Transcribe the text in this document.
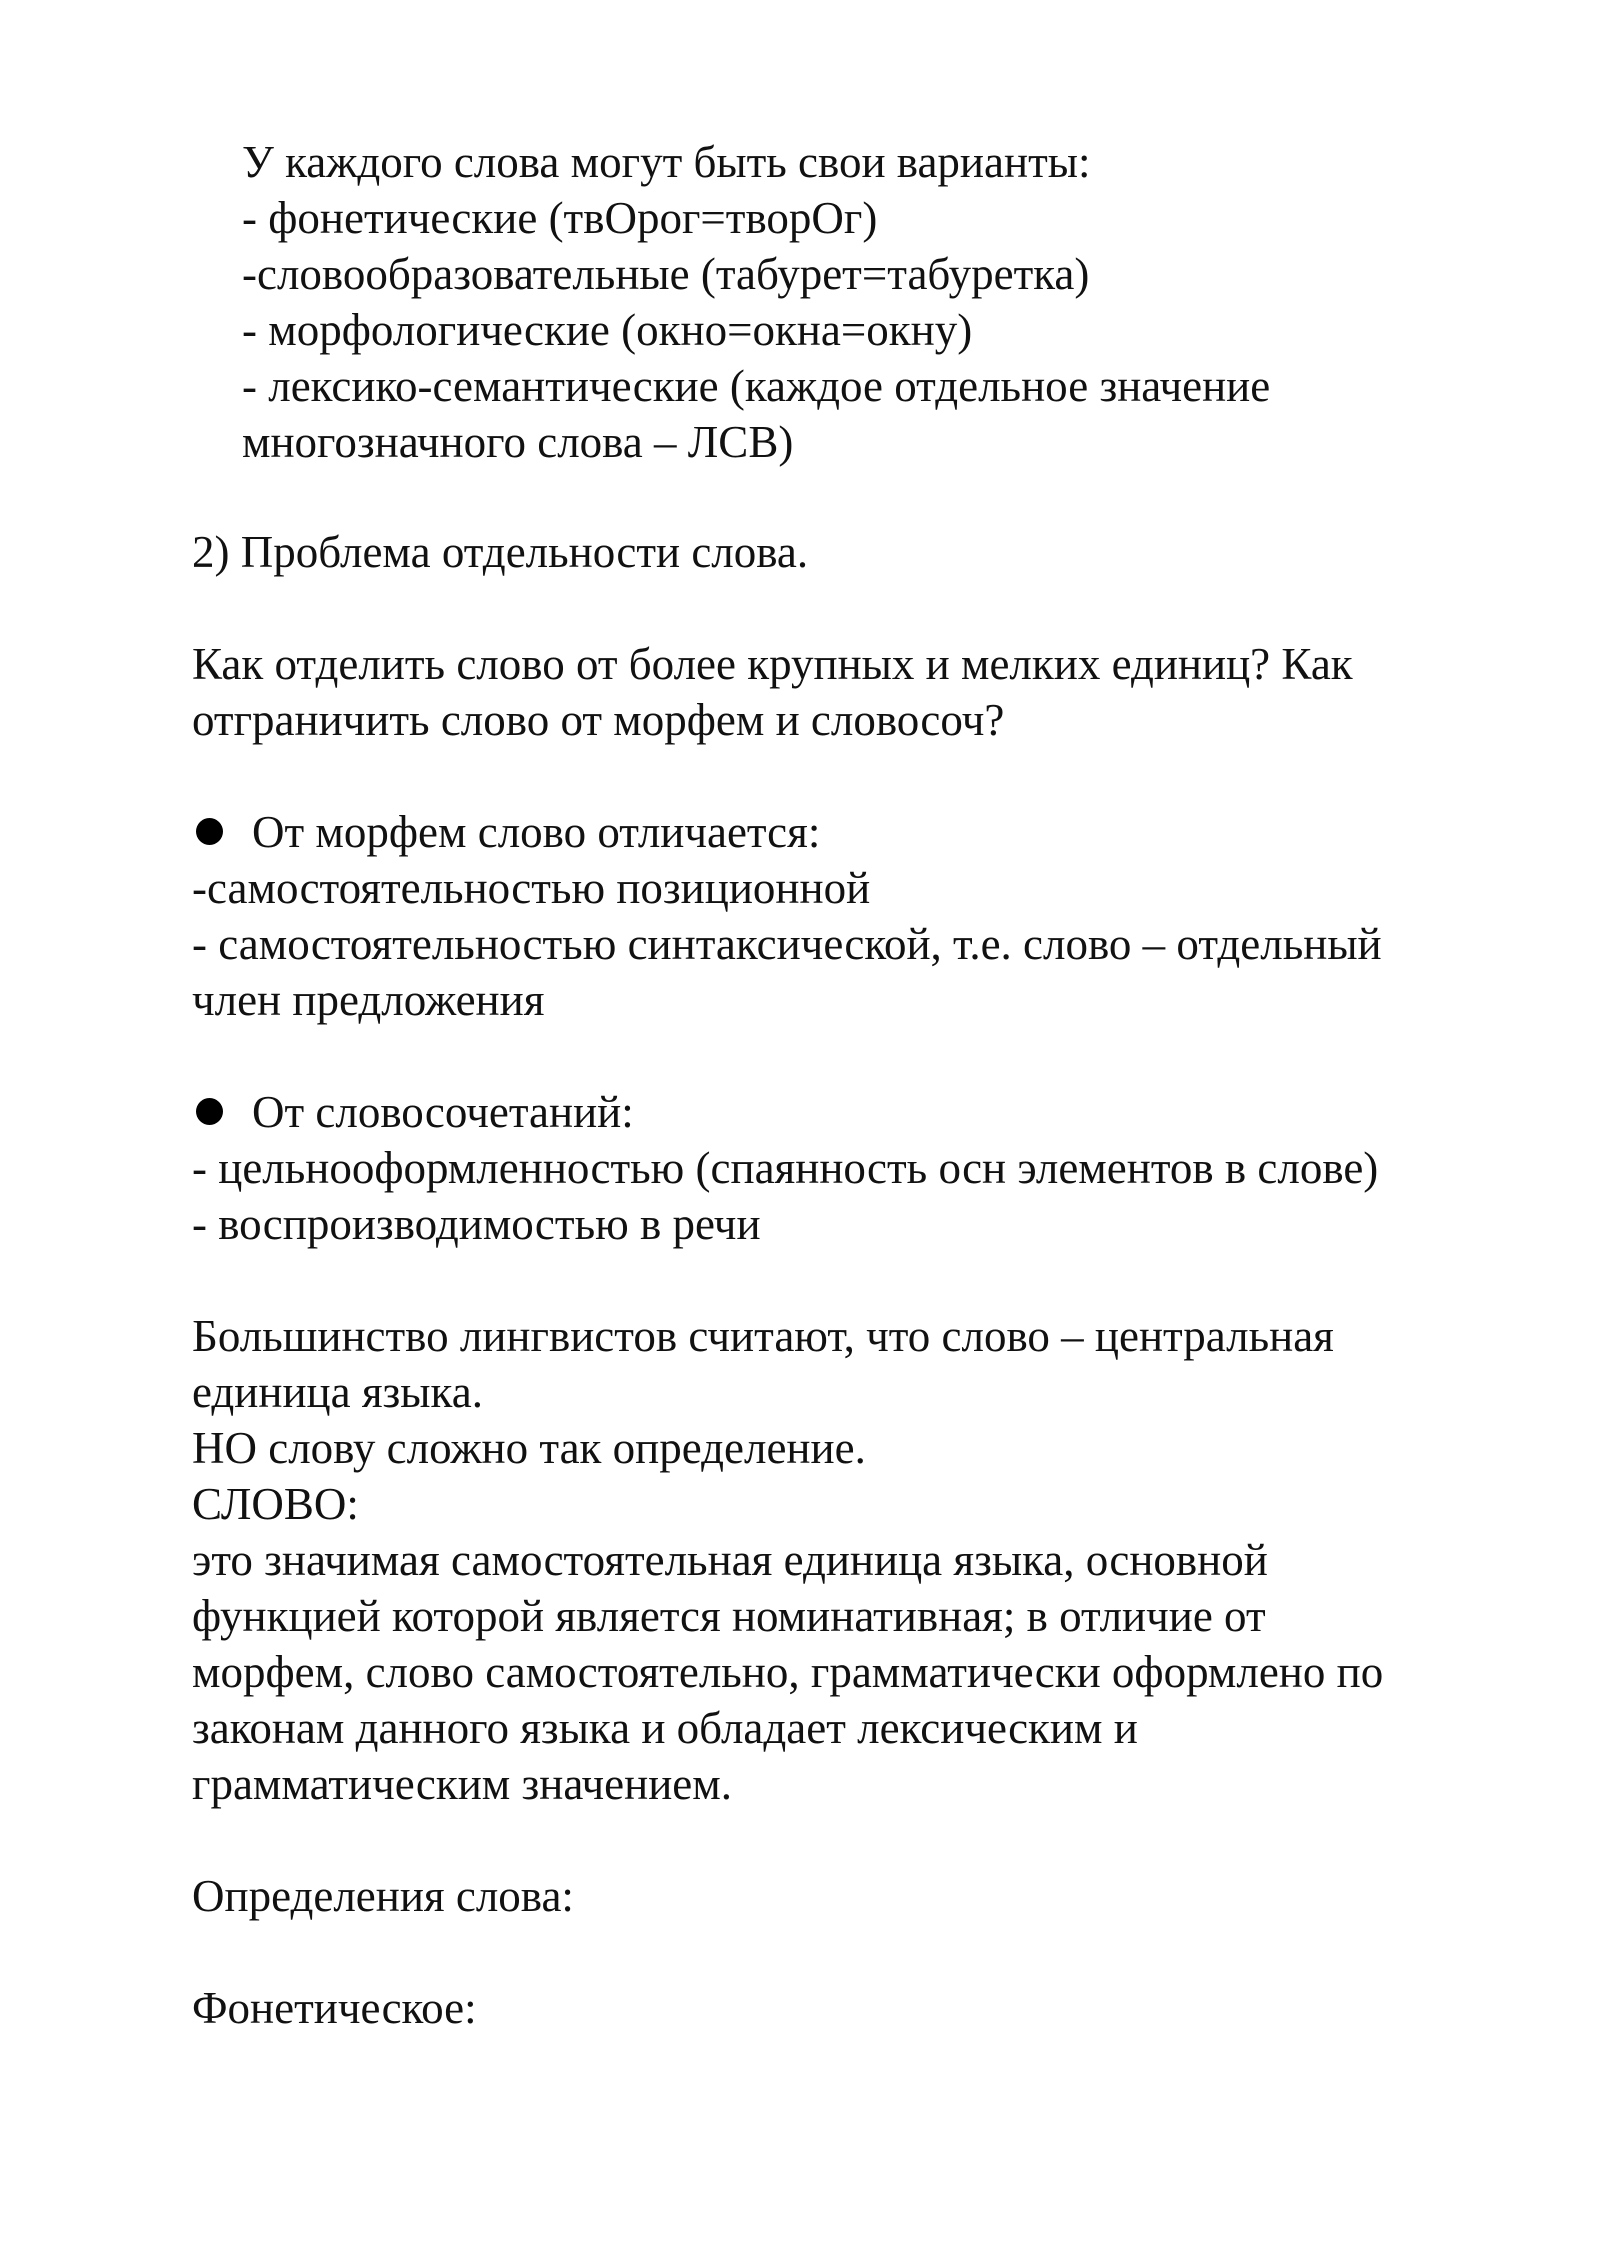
У каждого слова могут быть свои варианты:
- фонетические (твОрог=творОг)
-словообразовательные (табурет=табуретка)
- морфологические (окно=окна=окну)
- лексико-семантические (каждое отдельное значение
многозначного слова – ЛСВ)
2) Проблема отдельности слова.
Как отделить слово от более крупных и мелких единиц? Как
отграничить слово от морфем и словосоч?
От морфем слово отличается:
-самостоятельностью позиционной
- самостоятельностью синтаксической, т.е. слово – отдельный
член предложения
От словосочетаний:
- цельнооформленностью (спаянность осн элементов в слове)
- воспроизводимостью в речи
Большинство лингвистов считают, что слово – центральная
единица языка.
НО слову сложно так определение.
СЛОВО:
это значимая самостоятельная единица языка, основной
функцией которой является номинативная; в отличие от
морфем, слово самостоятельно, грамматически оформлено по
законам данного языка и обладает лексическим и
грамматическим значением.
Определения слова:
Фонетическое:
